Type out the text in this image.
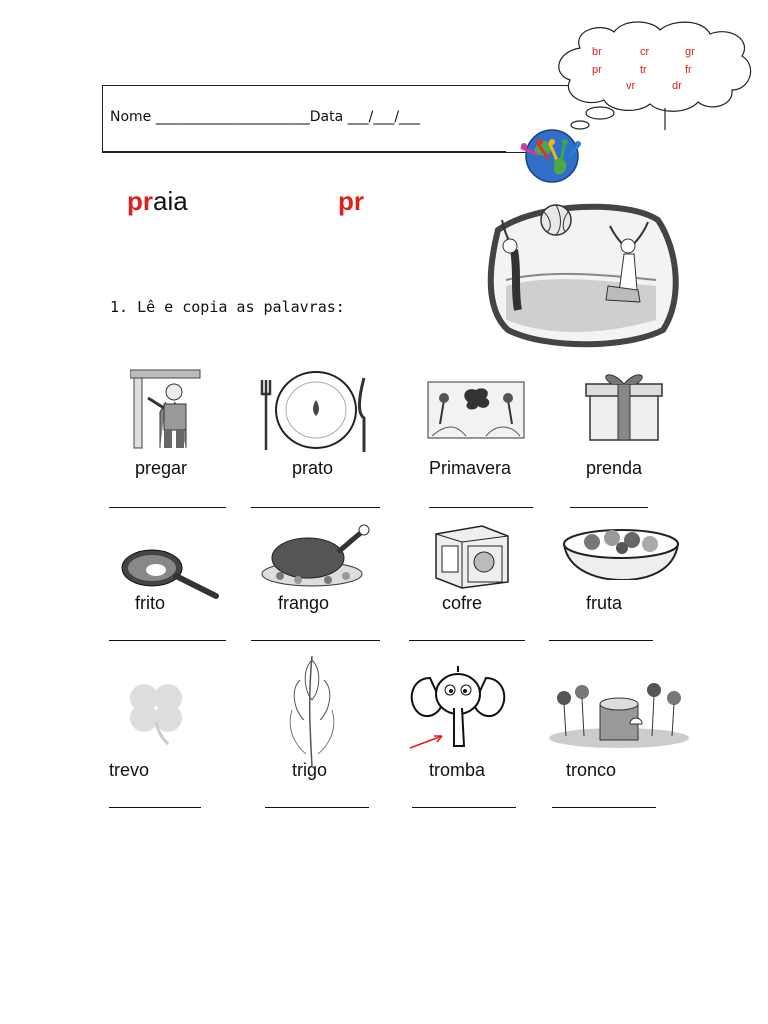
Nome ______________________Data ___/___/___
br	cr	gr
pr	tr	fr
vr	dr
praia	pr
1. Lê e copia as palavras:
pregar	prato	Primavera	prenda
frito	frango	cofre	fruta
trevo	trigo	tromba	tronco
